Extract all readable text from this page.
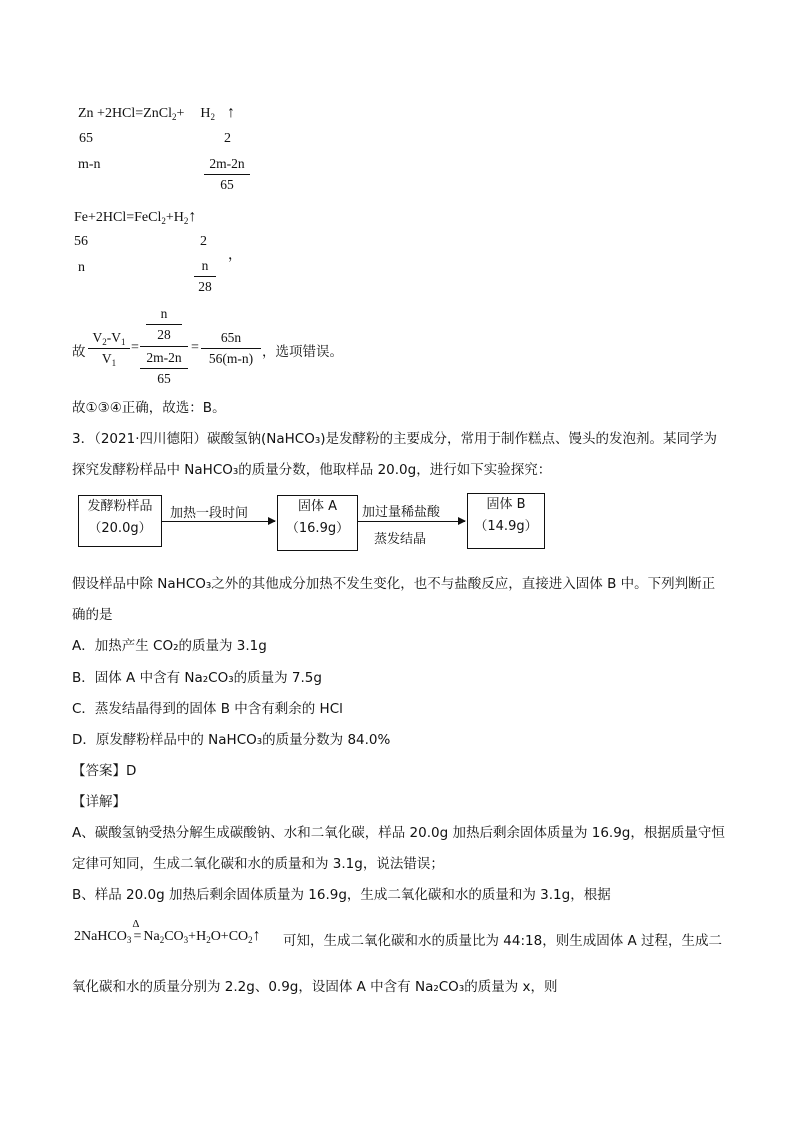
Zn +2HCl=ZnCl$_2$+ $H_2$ ↑
65	2
m-n	2m-2n
65
$Fe+2HCl=FeCl_2+H_2↑$
56	2
，
n	n
28
故
$V_2-V_1$
$V_1$
=
n
28
2m-2n
65
=
65n
56(m-n) ，选项错误。
故①③④正确，故选：B。
3．（2021·四川德阳）碳酸氢钠(NaHCO₃)是发酵粉的主要成分，常用于制作糕点、馒头的发泡剂。某同学为
探究发酵粉样品中 NaHCO₃的质量分数，他取样品 20.0g，进行如下实验探究：
发酵粉样品
（20.0g）
加热一段时间	固体 A
（16.9g）
加过量稀盐酸
蒸发结晶
固体 B
（14.9g）
假设样品中除 NaHCO₃之外的其他成分加热不发生变化，也不与盐酸反应，直接进入固体 B 中。下列判断正
确的是
A．加热产生 CO₂的质量为 3.1g
B．固体 A 中含有 Na₂CO₃的质量为 7.5g
C．蒸发结晶得到的固体 B 中含有剩余的 HCl
D．原发酵粉样品中的 NaHCO₃的质量分数为 84.0%
【答案】D
【详解】
A、碳酸氢钠受热分解生成碳酸钠、水和二氧化碳，样品 20.0g 加热后剩余固体质量为 16.9g，根据质量守恒
定律可知同，生成二氧化碳和水的质量和为 3.1g，说法错误；
B、样品 20.0g 加热后剩余固体质量为 16.9g，生成二氧化碳和水的质量和为 3.1g，根据
2NaHCO$_3$
Δ
= $Na_2CO_3+H_2O+CO_2↑$ 可知，生成二氧化碳和水的质量比为 44:18，则生成固体 A 过程，生成二
氧化碳和水的质量分别为 2.2g、0.9g，设固体 A 中含有 Na₂CO₃的质量为 x，则
